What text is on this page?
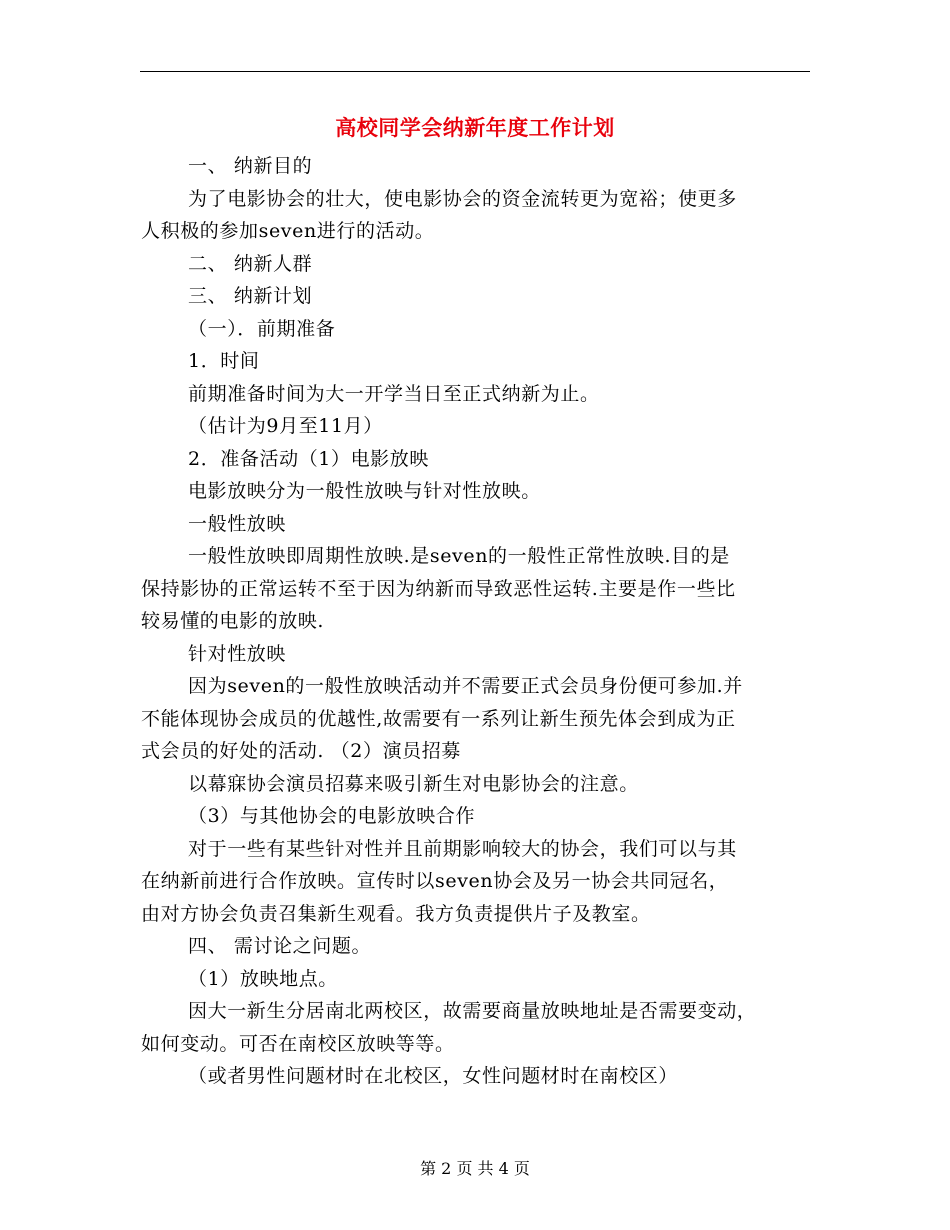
高校同学会纳新年度工作计划
一、 纳新目的
为了电影协会的壮大，使电影协会的资金流转更为宽裕；使更多
人积极的参加seven进行的活动。
二、 纳新人群
三、 纳新计划
（一）．前期准备
1．时间
前期准备时间为大一开学当日至正式纳新为止。
（估计为9月至11月）
2．准备活动（1）电影放映
电影放映分为一般性放映与针对性放映。
一般性放映
一般性放映即周期性放映.是seven的一般性正常性放映.目的是
保持影协的正常运转不至于因为纳新而导致恶性运转.主要是作一些比
较易懂的电影的放映.
针对性放映
因为seven的一般性放映活动并不需要正式会员身份便可参加.并
不能体现协会成员的优越性,故需要有一系列让新生预先体会到成为正
式会员的好处的活动. （2）演员招募
以幕寐协会演员招募来吸引新生对电影协会的注意。
（3）与其他协会的电影放映合作
对于一些有某些针对性并且前期影响较大的协会，我们可以与其
在纳新前进行合作放映。宣传时以seven协会及另一协会共同冠名，
由对方协会负责召集新生观看。我方负责提供片子及教室。
四、 需讨论之问题。
（1）放映地点。
因大一新生分居南北两校区，故需要商量放映地址是否需要变动，
如何变动。可否在南校区放映等等。
（或者男性问题材时在北校区，女性问题材时在南校区）
第 2 页 共 4 页
